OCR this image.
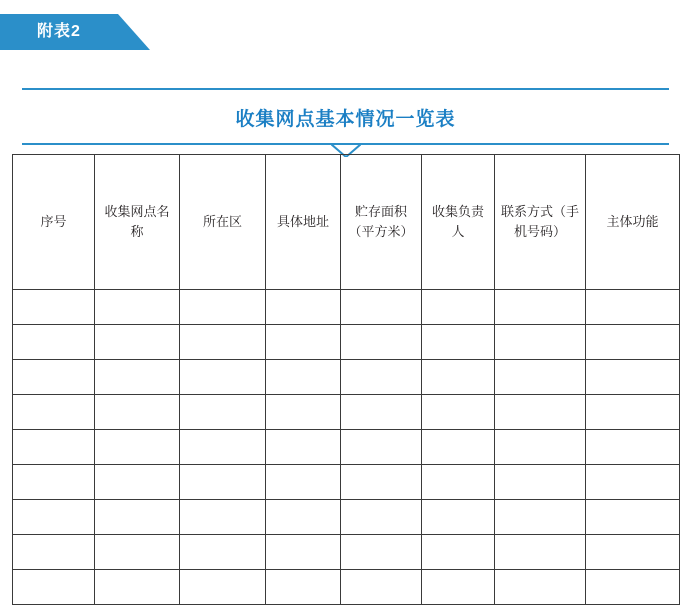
附表2
收集网点基本情况一览表
序号	收集网点名称	所在区	具体地址	贮存面积（平方米）	收集负责人	联系方式（手机号码）	主体功能
